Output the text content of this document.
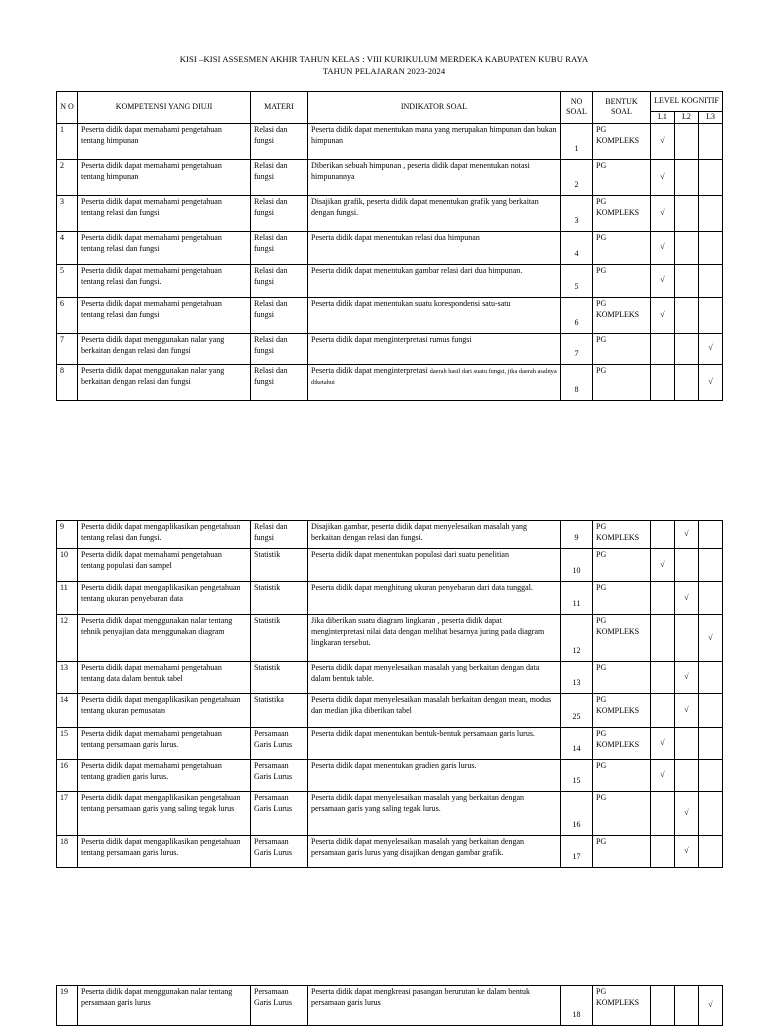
KISI –KISI ASSESMEN AKHIR TAHUN KELAS : VIII KURIKULUM MERDEKA KABUPATEN KUBU RAYA
TAHUN PELAJARAN 2023-2024
N O	KOMPETENSI YANG DIUJI	MATERI	INDIKATOR SOAL	NO SOAL	BENTUK SOAL	LEVEL KOGNITIF		
						L1	L2	L3
1	Peserta didik dapat memahami pengetahuan tentang himpunan	Relasi dan fungsi	Peserta didik dapat menentukan mana yang merupakan himpunan dan bukan himpunan	1	PG KOMPLEKS	√		
2	Peserta didik dapat memahami pengetahuan tentang himpunan	Relasi dan fungsi	Diberikan sebuah himpunan , peserta didik dapat menentukan notasi himpunannya	2	PG	√		
3	Peserta didik dapat memahami pengetahuan tentang relasi dan fungsi	Relasi dan fungsi	Disajikan grafik, peserta didik dapat menentukan grafik yang berkaitan dengan fungsi.	3	PG KOMPLEKS	√		
4	Peserta didik dapat memahami pengetahuan tentang relasi dan fungsi	Relasi dan fungsi	Peserta didik dapat menentukan relasi dua himpunan	4	PG	√		
5	Peserta didik dapat memahami pengetahuan tentang relasi dan fungsi.	Relasi dan fungsi	Peserta didik dapat menentukan gambar relasi dari dua himpunan.	5	PG	√		
6	Peserta didik dapat memahami pengetahuan tentang relasi dan fungsi	Relasi dan fungsi	Peserta didik dapat menentukan suatu korespondensi satu-satu	6	PG KOMPLEKS	√		
7	Peserta didik dapat menggunakan nalar yang berkaitan dengan relasi dan fungsi	Relasi dan fungsi	Peserta didik dapat menginterpretasi rumus fungsi	7	PG			√
8	Peserta didik dapat menggunakan nalar yang berkaitan dengan relasi dan fungsi	Relasi dan fungsi	Peserta didik dapat menginterpretasi daerah hasil dari suatu fungsi, jika daerah asalnya diketahui	8	PG			√
9	Peserta didik dapat mengaplikasikan pengetahuan tentang relasi dan fungsi.	Relasi dan fungsi	Disajikan gambar, peserta didik dapat menyelesaikan masalah yang berkaitan dengan relasi dan fungsi.	9	PG KOMPLEKS		√	
10	Peserta didik dapat memahami pengetahuan tentang populasi dan sampel	Statistik	Peserta didik dapat menentukan populasi dari suatu penelitian	10	PG	√		
11	Peserta didik dapat mengaplikasikan pengetahuan tentang ukuran penyebaran data	Statistik	Peserta didik dapat menghitung ukuran penyebaran dari data tunggal.	11	PG		√	
12	Peserta didik dapat menggunakan nalar tentang tehnik penyajian data menggunakan diagram	Statistik	Jika diberikan suatu diagram lingkaran , peserta didik dapat menginterpretasi nilai data dengan melihat besarnya juring pada diagram lingkaran tersebut.	12	PG KOMPLEKS			√
13	Peserta didik dapat memahami pengetahuan tentang data dalam bentuk tabel	Statistik	Peserta didik dapat menyelesaikan masalah yang berkaitan dengan data dalam bentuk table.	13	PG		√	
14	Peserta didik dapat mengaplikasikan pengetahuan tentang ukuran pemusatan	Statistika	Peserta didik dapat menyelesaikan masalah berkaitan dengan mean, modus dan median jika diberikan tabel	25	PG KOMPLEKS		√	
15	Peserta didik dapat memahami pengetahuan tentang persamaan garis lurus.	Persamaan Garis Lurus	Peserta didik dapat menentukan bentuk-bentuk persamaan garis lurus.	14	PG KOMPLEKS	√		
16	Peserta didik dapat memahami pengetahuan tentang gradien garis lurus.	Persamaan Garis Lurus	Peserta didik dapat menentukan gradien garis lurus.	15	PG	√		
17	Peserta didik dapat mengaplikasikan pengetahuan tentang persamaan garis yang saling tegak lurus	Persamaan Garis Lurus	Peserta didik dapat menyelesaikan masalah yang berkaitan dengan persamaan garis yang saling tegak lurus.	16	PG		√	
18	Peserta didik dapat mengaplikasikan pengetahuan tentang persamaan garis lurus.	Persamaan Garis Lurus	Peserta didik dapat menyelesaikan masalah yang berkaitan dengan persamaan garis lurus yang disajikan dengan gambar grafik.	17	PG		√	
19	Peserta didik dapat menggunakan nalar tentang persamaan garis lurus	Persamaan Garis Lurus	Peserta didik dapat mengkreasi pasangan berurutan ke dalam bentuk persamaan garis lurus	18	PG KOMPLEKS			√
